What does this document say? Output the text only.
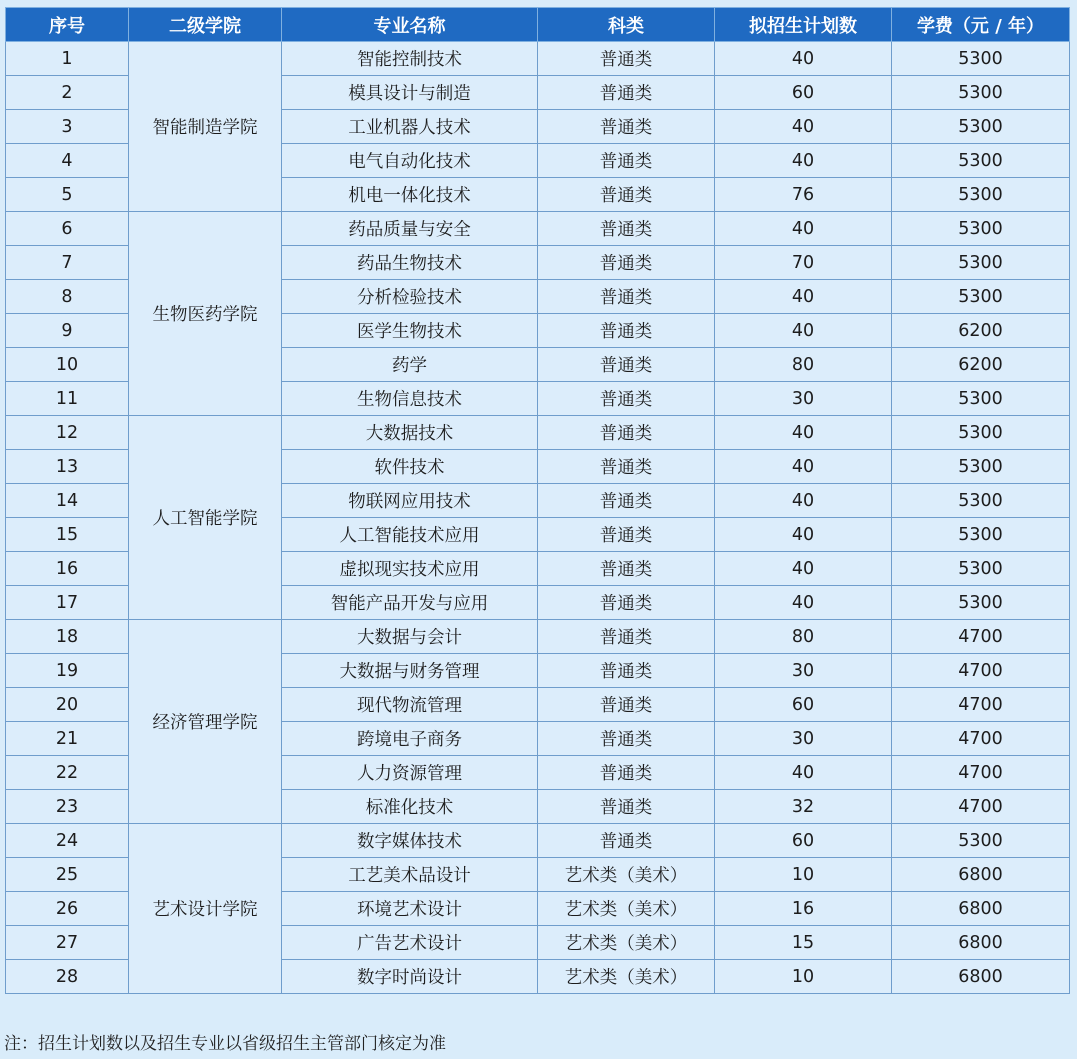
序号	二级学院	专业名称	科类	拟招生计划数	学费（元 / 年）
1	智能制造学院	智能控制技术	普通类	40	5300
2		模具设计与制造	普通类	60	5300
3		工业机器人技术	普通类	40	5300
4		电气自动化技术	普通类	40	5300
5		机电一体化技术	普通类	76	5300
6	生物医药学院	药品质量与安全	普通类	40	5300
7		药品生物技术	普通类	70	5300
8		分析检验技术	普通类	40	5300
9		医学生物技术	普通类	40	6200
10		药学	普通类	80	6200
11		生物信息技术	普通类	30	5300
12	人工智能学院	大数据技术	普通类	40	5300
13		软件技术	普通类	40	5300
14		物联网应用技术	普通类	40	5300
15		人工智能技术应用	普通类	40	5300
16		虚拟现实技术应用	普通类	40	5300
17		智能产品开发与应用	普通类	40	5300
18	经济管理学院	大数据与会计	普通类	80	4700
19		大数据与财务管理	普通类	30	4700
20		现代物流管理	普通类	60	4700
21		跨境电子商务	普通类	30	4700
22		人力资源管理	普通类	40	4700
23		标准化技术	普通类	32	4700
24	艺术设计学院	数字媒体技术	普通类	60	5300
25		工艺美术品设计	艺术类（美术）	10	6800
26		环境艺术设计	艺术类（美术）	16	6800
27		广告艺术设计	艺术类（美术）	15	6800
28		数字时尚设计	艺术类（美术）	10	6800
注：招生计划数以及招生专业以省级招生主管部门核定为准
